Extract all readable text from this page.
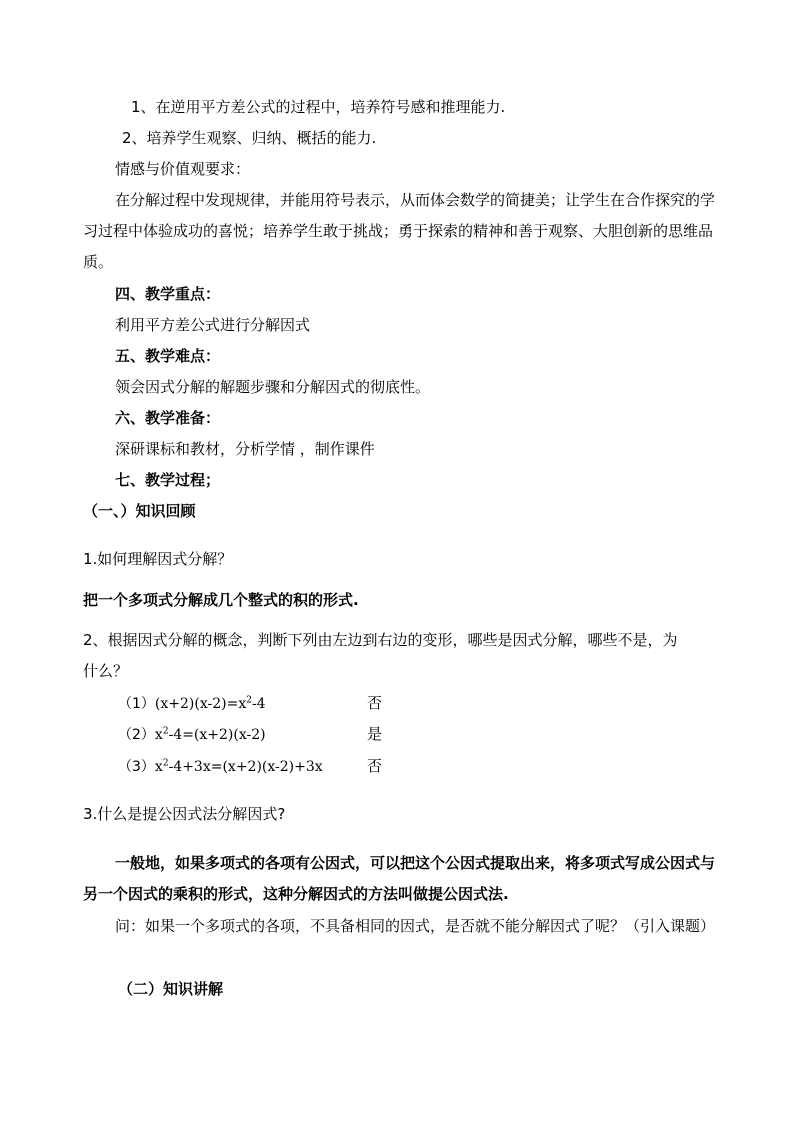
1、在逆用平方差公式的过程中，培养符号感和推理能力.
2、培养学生观察、归纳、概括的能力.
情感与价值观要求：
在分解过程中发现规律，并能用符号表示，从而体会数学的简捷美；让学生在合作探究的学习过程中体验成功的喜悦；培养学生敢于挑战；勇于探索的精神和善于观察、大胆创新的思维品质。
四、教学重点：
利用平方差公式进行分解因式
五、教学难点：
领会因式分解的解题步骤和分解因式的彻底性。
六、教学准备：
深研课标和教材，分析学情 ，制作课件
七、教学过程；
（一、）知识回顾
1.如何理解因式分解？
把一个多项式分解成几个整式的积的形式.
2、根据因式分解的概念，判断下列由左边到右边的变形，哪些是因式分解，哪些不是，为
什么？
$(1)(x+2)(x-2)=x^2-4$	否
$(2)x^2-4=(x+2)(x-2)$	是
$(3)x^2-4+3x=(x+2)(x-2)+3x$	否
3.什么是提公因式法分解因式?
一般地，如果多项式的各项有公因式，可以把这个公因式提取出来，将多项式写成公因式与另一个因式的乘积的形式，这种分解因式的方法叫做提公因式法.
问：如果一个多项式的各项，不具备相同的因式，是否就不能分解因式了呢？（引入课题）
（二）知识讲解
